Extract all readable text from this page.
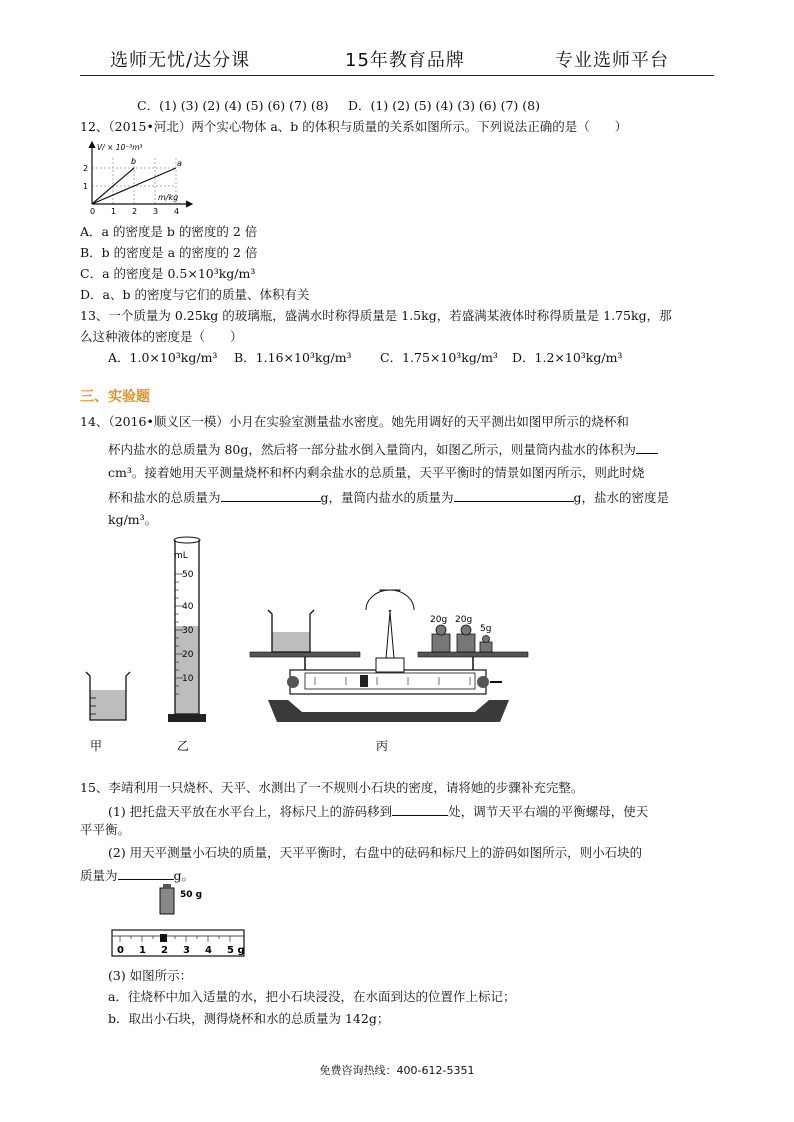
选师无忧/达分课	15年教育品牌	专业选师平台
C．(1) (3) (2) (4) (5) (6) (7) (8) D．(1) (2) (5) (4) (3) (6) (7) (8)
12、（2015•河北）两个实心物体 a、b 的体积与质量的关系如图所示。下列说法正确的是（　　）
V/ × 10⁻³m³
m/kg
b	a
0 1 2 3 4
1
2
A．a 的密度是 b 的密度的 2 倍
B．b 的密度是 a 的密度的 2 倍
C．a 的密度是 0.5×10³kg/m³
D．a、b 的密度与它们的质量、体积有关
13、一个质量为 0.25kg 的玻璃瓶，盛满水时称得质量是 1.5kg，若盛满某液体时称得质量是 1.75kg，那
么这种液体的密度是（　　）
A．1.0×10³kg/m³ B．1.16×10³kg/m³ C．1.75×10³kg/m³ D．1.2×10³kg/m³
三、实验题
14、（2016•顺义区一模）小月在实验室测量盐水密度。她先用调好的天平测出如图甲所示的烧杯和
杯内盐水的总质量为 80g，然后将一部分盐水倒入量筒内，如图乙所示，则量筒内盐水的体积为
cm³。接着她用天平测量烧杯和杯内剩余盐水的总质量，天平平衡时的情景如图丙所示，则此时烧
杯和盐水的总质量为	g，量筒内盐水的质量为	g，盐水的密度是
kg/m³。
mL
50
40
30
20
10
20g 20g
5g
甲	乙	丙
15、李靖利用一只烧杯、天平、水测出了一不规则小石块的密度，请将她的步骤补充完整。
(1) 把托盘天平放在水平台上，将标尺上的游码移到	处，调节天平右端的平衡螺母，使天
平平衡。
(2) 用天平测量小石块的质量，天平平衡时，右盘中的砝码和标尺上的游码如图所示，则小石块的
质量为	g。
50 g
0 1 2 3 4 5 g
(3) 如图所示：
a．往烧杯中加入适量的水，把小石块浸没，在水面到达的位置作上标记；
b．取出小石块，测得烧杯和水的总质量为 142g；
免费咨询热线：400-612-5351
